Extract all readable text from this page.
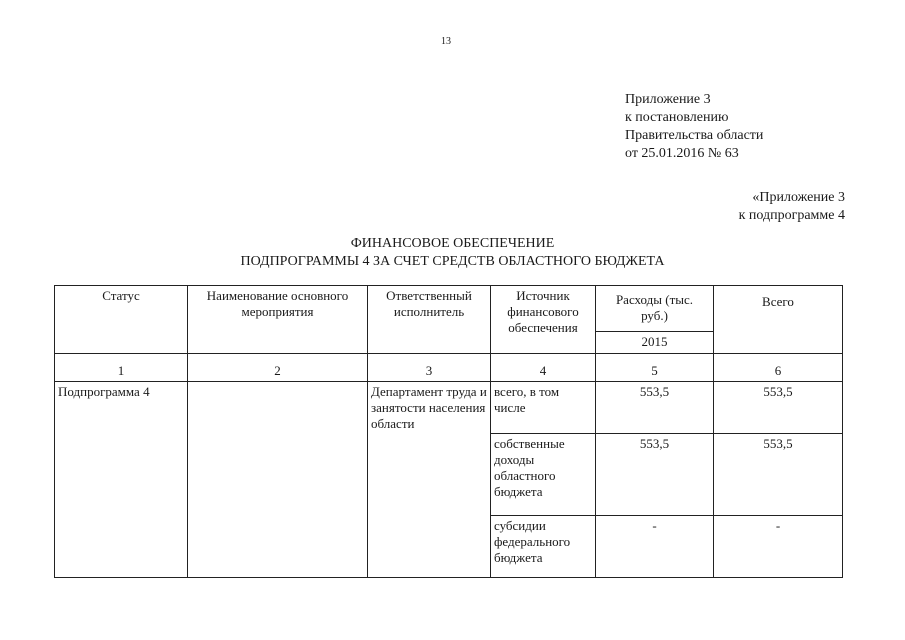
13
Приложение 3
к постановлению
Правительства области
от 25.01.2016 № 63
«Приложение 3
к подпрограмме 4
ФИНАНСОВОЕ ОБЕСПЕЧЕНИЕ
ПОДПРОГРАММЫ 4 ЗА СЧЕТ СРЕДСТВ ОБЛАСТНОГО БЮДЖЕТА
Статус	Наименование основного мероприятия	Ответственный исполнитель	Источник финансового обеспечения	Расходы (тыс. руб.)	Всего
				2015	
1	2	3	4	5	6
Подпрограмма 4		Департамент труда и занятости населения области	всего, в том числе	553,5	553,5
			собственные доходы областного бюджета	553,5	553,5
			субсидии федерального бюджета	-	-
